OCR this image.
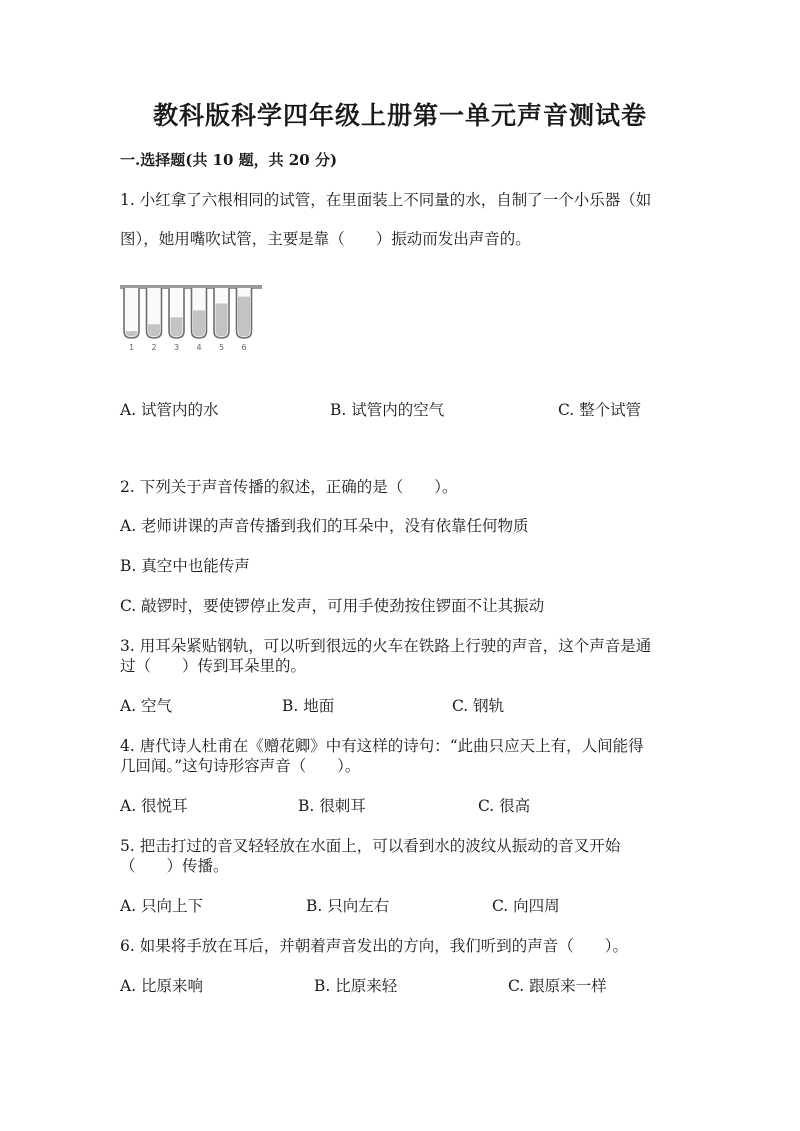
教科版科学四年级上册第一单元声音测试卷
一.选择题(共 10 题，共 20 分)
1. 小红拿了六根相同的试管，在里面装上不同量的水，自制了一个小乐器（如
图），她用嘴吹试管，主要是靠（　　）振动而发出声音的。
1 2 3 4 5 6
A. 试管内的水	B. 试管内的空气	C. 整个试管
2. 下列关于声音传播的叙述，正确的是（　　）。
A. 老师讲课的声音传播到我们的耳朵中，没有依靠任何物质
B. 真空中也能传声
C. 敲锣时，要使锣停止发声，可用手使劲按住锣面不让其振动
3. 用耳朵紧贴钢轨，可以听到很远的火车在铁路上行驶的声音，这个声音是通
过（　　）传到耳朵里的。
A. 空气	B. 地面	C. 钢轨
4. 唐代诗人杜甫在《赠花卿》中有这样的诗句：“此曲只应天上有，人间能得
几回闻。”这句诗形容声音（　　）。
A. 很悦耳	B. 很刺耳	C. 很高
5. 把击打过的音叉轻轻放在水面上，可以看到水的波纹从振动的音叉开始
（　　）传播。
A. 只向上下	B. 只向左右	C. 向四周
6. 如果将手放在耳后，并朝着声音发出的方向，我们听到的声音（　　）。
A. 比原来响	B. 比原来轻	C. 跟原来一样
